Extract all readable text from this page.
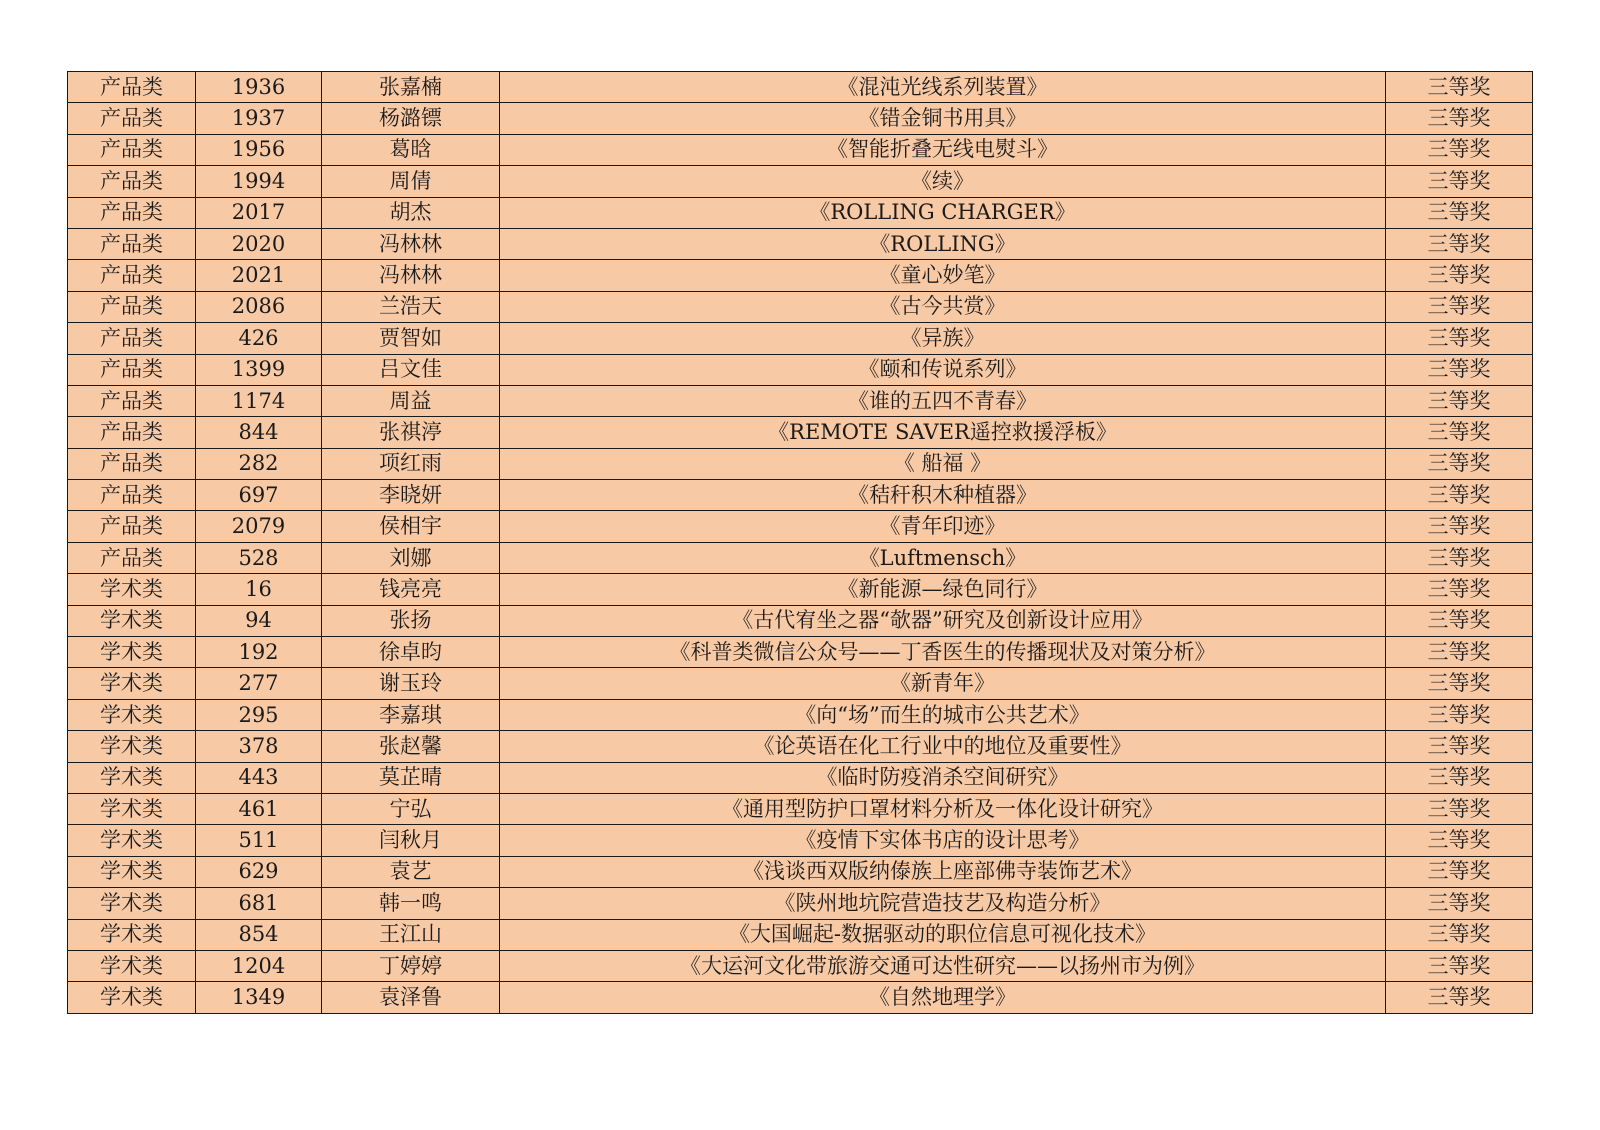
产品类	1936	张嘉楠	《混沌光线系列装置》	三等奖
产品类	1937	杨潞镖	《错金铜书用具》	三等奖
产品类	1956	葛晗	《智能折叠无线电熨斗》	三等奖
产品类	1994	周倩	《续》	三等奖
产品类	2017	胡杰	《ROLLING CHARGER》	三等奖
产品类	2020	冯林林	《ROLLING》	三等奖
产品类	2021	冯林林	《童心妙笔》	三等奖
产品类	2086	兰浩天	《古今共赏》	三等奖
产品类	426	贾智如	《异族》	三等奖
产品类	1399	吕文佳	《颐和传说系列》	三等奖
产品类	1174	周益	《谁的五四不青春》	三等奖
产品类	844	张祺渟	《REMOTE SAVER遥控救援浮板》	三等奖
产品类	282	项红雨	《 船福 》	三等奖
产品类	697	李晓妍	《秸秆积木种植器》	三等奖
产品类	2079	侯相宇	《青年印迹》	三等奖
产品类	528	刘娜	《Luftmensch》	三等奖
学术类	16	钱亮亮	《新能源—绿色同行》	三等奖
学术类	94	张扬	《古代宥坐之器“欹器”研究及创新设计应用》	三等奖
学术类	192	徐卓昀	《科普类微信公众号——丁香医生的传播现状及对策分析》	三等奖
学术类	277	谢玉玲	《新青年》	三等奖
学术类	295	李嘉琪	《向“场”而生的城市公共艺术》	三等奖
学术类	378	张赵馨	《论英语在化工行业中的地位及重要性》	三等奖
学术类	443	莫芷晴	《临时防疫消杀空间研究》	三等奖
学术类	461	宁弘	《通用型防护口罩材料分析及一体化设计研究》	三等奖
学术类	511	闫秋月	《疫情下实体书店的设计思考》	三等奖
学术类	629	袁艺	《浅谈西双版纳傣族上座部佛寺装饰艺术》	三等奖
学术类	681	韩一鸣	《陕州地坑院营造技艺及构造分析》	三等奖
学术类	854	王江山	《大国崛起-数据驱动的职位信息可视化技术》	三等奖
学术类	1204	丁婷婷	《大运河文化带旅游交通可达性研究——以扬州市为例》	三等奖
学术类	1349	袁泽鲁	《自然地理学》	三等奖
